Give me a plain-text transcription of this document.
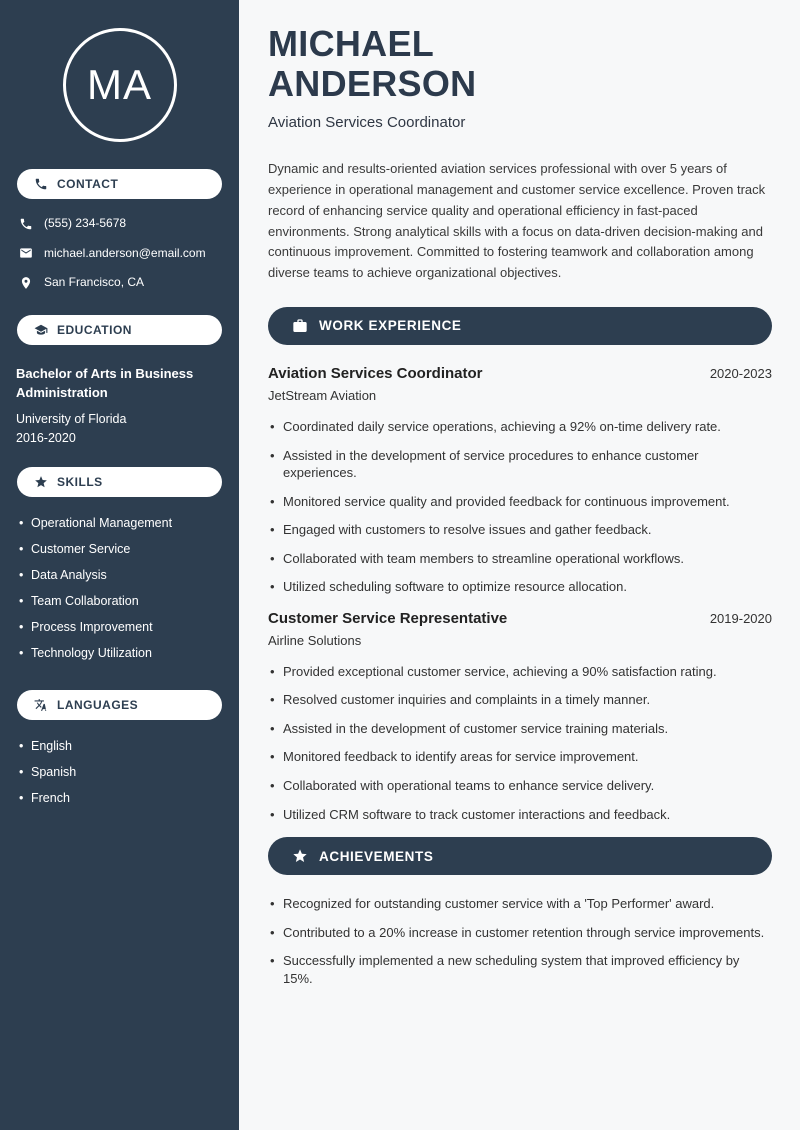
MA
CONTACT
(555) 234-5678
michael.anderson@email.com
San Francisco, CA
EDUCATION
Bachelor of Arts in Business Administration
University of Florida
2016-2020
SKILLS
• Operational Management
• Customer Service
• Data Analysis
• Team Collaboration
• Process Improvement
• Technology Utilization
LANGUAGES
• English
• Spanish
• French
MICHAEL
ANDERSON
Aviation Services Coordinator

Dynamic and results-oriented aviation services professional with over 5 years of experience in operational management and customer service excellence. Proven track record of enhancing service quality and operational efficiency in fast-paced environments. Strong analytical skills with a focus on data-driven decision-making and continuous improvement. Committed to fostering teamwork and collaboration among diverse teams to achieve organizational objectives.

WORK EXPERIENCE
Aviation Services Coordinator	2020-2023
JetStream Aviation
• Coordinated daily service operations, achieving a 92% on-time delivery rate.
• Assisted in the development of service procedures to enhance customer experiences.
• Monitored service quality and provided feedback for continuous improvement.
• Engaged with customers to resolve issues and gather feedback.
• Collaborated with team members to streamline operational workflows.
• Utilized scheduling software to optimize resource allocation.
Customer Service Representative	2019-2020
Airline Solutions
• Provided exceptional customer service, achieving a 90% satisfaction rating.
• Resolved customer inquiries and complaints in a timely manner.
• Assisted in the development of customer service training materials.
• Monitored feedback to identify areas for service improvement.
• Collaborated with operational teams to enhance service delivery.
• Utilized CRM software to track customer interactions and feedback.
ACHIEVEMENTS
• Recognized for outstanding customer service with a 'Top Performer' award.
• Contributed to a 20% increase in customer retention through service improvements.
• Successfully implemented a new scheduling system that improved efficiency by 15%.
